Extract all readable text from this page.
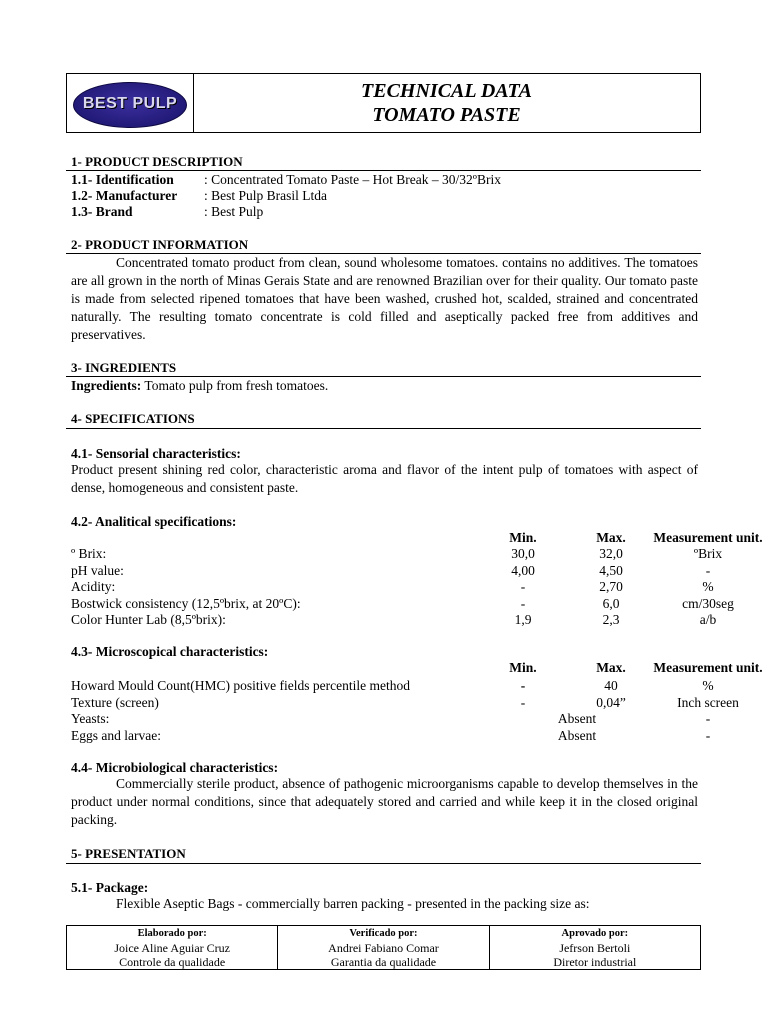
BEST PULP
TECHNICAL DATA
TOMATO PASTE
1- PRODUCT DESCRIPTION
1.1- Identification	: Concentrated Tomato Paste – Hot Break – 30/32ºBrix
1.2- Manufacturer	: Best Pulp Brasil Ltda
1.3- Brand	: Best Pulp
2- PRODUCT INFORMATION
Concentrated tomato product from clean, sound wholesome tomatoes. contains no additives. The tomatoes are all grown in the north of Minas Gerais State and are renowned Brazilian over for their quality. Our tomato paste is made from selected ripened tomatoes that have been washed, crushed hot, scalded, strained and concentrated naturally. The resulting tomato concentrate is cold filled and aseptically packed free from additives and preservatives.
3- INGREDIENTS
Ingredients: Tomato pulp from fresh tomatoes.
4- SPECIFICATIONS
4.1- Sensorial characteristics:
Product present shining red color, characteristic aroma and flavor of the intent pulp of tomatoes with aspect of dense, homogeneous and consistent paste.
4.2- Analitical specifications:
Min.	Max.	Measurement unit.
º Brix:	30,0	32,0	ºBrix
pH value:	4,00	4,50	-
Acidity:	-	2,70	%
Bostwick consistency (12,5ºbrix, at 20ºC):	-	6,0	cm/30seg
Color Hunter Lab (8,5ºbrix):	1,9	2,3	a/b
4.3- Microscopical characteristics:
Min.	Max.	Measurement unit.
Howard Mould Count(HMC) positive fields percentile method	-	40	%
Texture (screen)	-	0,04”	Inch screen
Yeasts:	Absent	-
Eggs and larvae:	Absent	-
4.4- Microbiological characteristics:
Commercially sterile product, absence of pathogenic microorganisms capable to develop themselves in the product under normal conditions, since that adequately stored and carried and while keep it in the closed original packing.
5- PRESENTATION
5.1- Package:
Flexible Aseptic Bags - commercially barren packing - presented in the packing size as:
Elaborado por:
Joice Aline Aguiar Cruz
Controle da qualidade
Verificado por:
Andrei Fabiano Comar
Garantia da qualidade
Aprovado por:
Jefrson Bertoli
Diretor industrial
